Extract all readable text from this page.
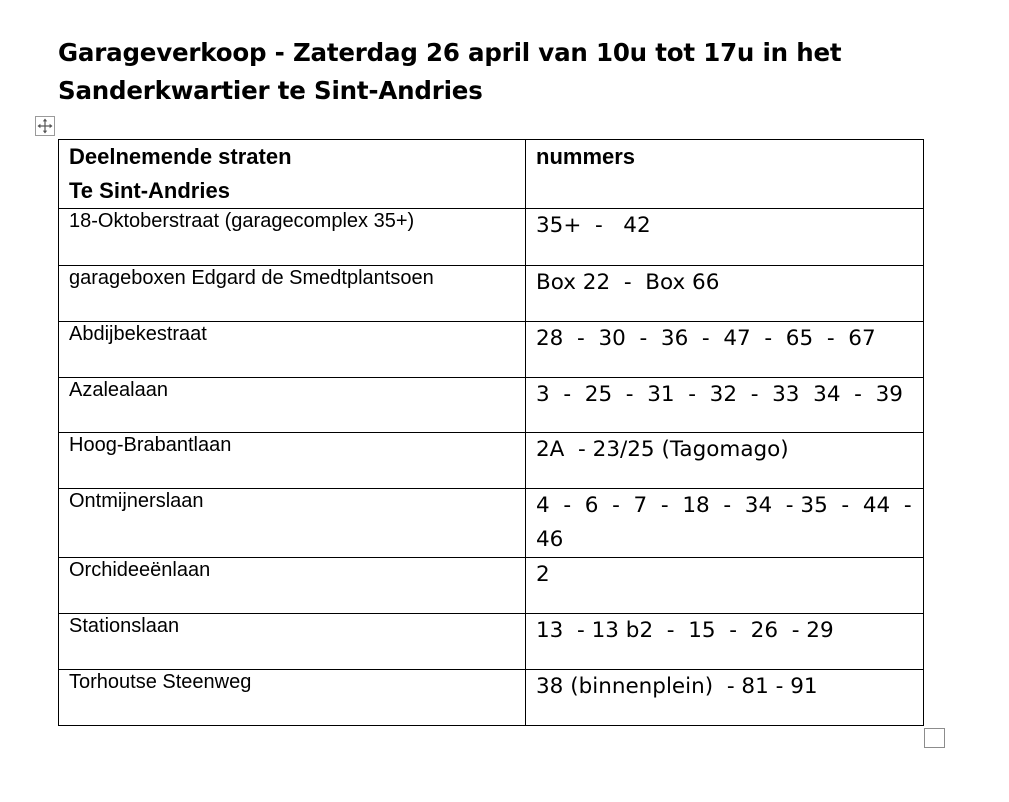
Garageverkoop - Zaterdag 26 april van 10u tot 17u in het
Sanderkwartier te Sint-Andries
Deelnemende straten
Te Sint-Andries	nummers

18-Oktoberstraat (garagecomplex 35+)	35+  -   42
garageboxen Edgard de Smedtplantsoen	Box 22  -  Box 66
Abdijbekestraat	28  -  30  -  36  -  47  -  65  -  67
Azalealaan	3  -  25  -  31  -  32  -  33  34  -  39
Hoog-Brabantlaan	2A  - 23/25 (Tagomago)
Ontmijnerslaan	4  -  6  -  7  -  18  -  34  - 35  -  44  -  46
Orchideeënlaan	2
Stationslaan	13  - 13 b2  -  15  -  26  - 29
Torhoutse Steenweg	38 (binnenplein)  - 81 - 91
